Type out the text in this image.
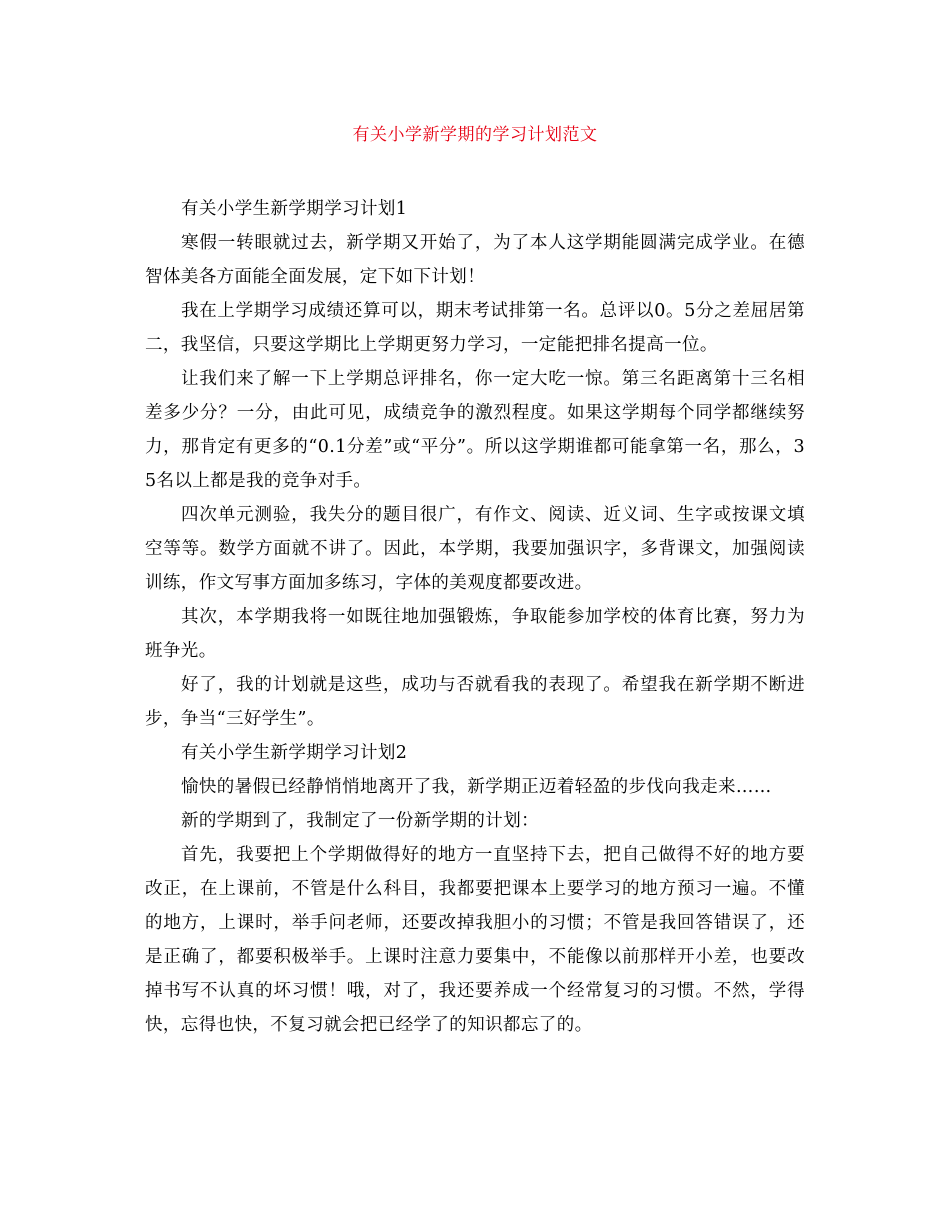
有关小学新学期的学习计划范文

有关小学生新学期学习计划1

寒假一转眼就过去，新学期又开始了，为了本人这学期能圆满完成学业。在德智体美各方面能全面发展，定下如下计划！

我在上学期学习成绩还算可以，期末考试排第一名。总评以0。5分之差屈居第二，我坚信，只要这学期比上学期更努力学习，一定能把排名提高一位。

让我们来了解一下上学期总评排名，你一定大吃一惊。第三名距离第十三名相差多少分？一分，由此可见，成绩竞争的激烈程度。如果这学期每个同学都继续努力，那肯定有更多的“0.1分差”或“平分”。所以这学期谁都可能拿第一名，那么，35名以上都是我的竞争对手。

四次单元测验，我失分的题目很广，有作文、阅读、近义词、生字或按课文填空等等。数学方面就不讲了。因此，本学期，我要加强识字，多背课文，加强阅读训练，作文写事方面加多练习，字体的美观度都要改进。

其次，本学期我将一如既往地加强锻炼，争取能参加学校的体育比赛，努力为班争光。

好了，我的计划就是这些，成功与否就看我的表现了。希望我在新学期不断进步，争当“三好学生”。

有关小学生新学期学习计划2

愉快的暑假已经静悄悄地离开了我，新学期正迈着轻盈的步伐向我走来……

新的学期到了，我制定了一份新学期的计划：

首先，我要把上个学期做得好的地方一直坚持下去，把自己做得不好的地方要改正，在上课前，不管是什么科目，我都要把课本上要学习的地方预习一遍。不懂的地方，上课时，举手问老师，还要改掉我胆小的习惯；不管是我回答错误了，还是正确了，都要积极举手。上课时注意力要集中，不能像以前那样开小差，也要改掉书写不认真的坏习惯！哦，对了，我还要养成一个经常复习的习惯。不然，学得快，忘得也快，不复习就会把已经学了的知识都忘了的。
